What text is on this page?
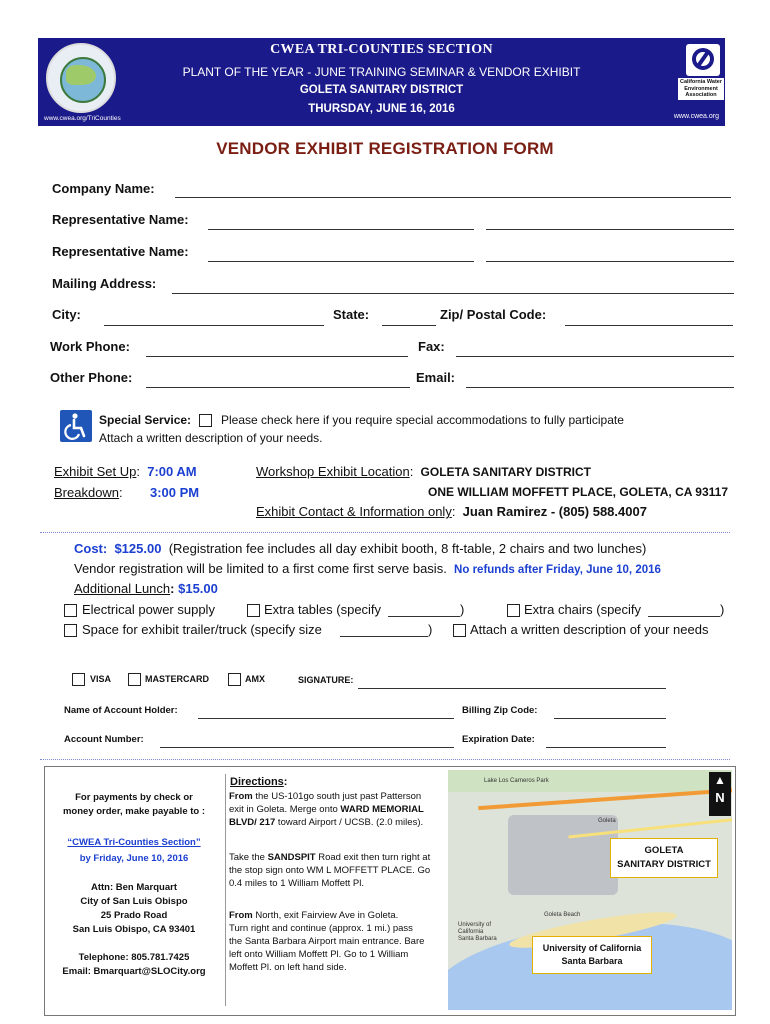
www.cwea.org/TriCounties
CWEA TRI-COUNTIES SECTION
PLANT OF THE YEAR - JUNE TRAINING SEMINAR & VENDOR EXHIBIT
GOLETA SANITARY DISTRICT
THURSDAY, JUNE 16, 2016
California Water Environment Association
www.cwea.org
VENDOR EXHIBIT REGISTRATION FORM
Company Name:
Representative Name:
Representative Name:
Mailing Address:
City:	State:	Zip/ Postal Code:
Work Phone:	Fax:
Other Phone:	Email:
Special Service: Please check here if you require special accommodations to fully participate
Attach a written description of your needs.
Exhibit Set Up:  7:00 AM
Breakdown: 3:00 PM
Workshop Exhibit Location:  GOLETA SANITARY DISTRICT
ONE WILLIAM MOFFETT PLACE, GOLETA, CA 93117
Exhibit Contact & Information only:  Juan Ramirez - (805) 588.4007
Cost: $125.00 (Registration fee includes all day exhibit booth, 8 ft-table, 2 chairs and two lunches)
Vendor registration will be limited to a first come first serve basis. No refunds after Friday, June 10, 2016
Additional Lunch: $15.00
Electrical power supply	Extra tables (specify	)	Extra chairs (specify	)
Space for exhibit trailer/truck (specify size	)	Attach a written description of your needs
VISA	MASTERCARD	AMX	SIGNATURE:
Name of Account Holder:	Billing Zip Code:
Account Number:	Expiration Date:
For payments by check or
money order, make payable to :
“CWEA Tri-Counties Section”
by Friday, June 10, 2016
Attn: Ben Marquart
City of San Luis Obispo
25 Prado Road
San Luis Obispo, CA 93401
Telephone: 805.781.7425
Email: Bmarquart@SLOCity.org
Directions:
From the US-101go south just past Patterson
exit in Goleta. Merge onto WARD MEMORIAL
BLVD/ 217 toward Airport / UCSB. (2.0 miles).
Take the SANDSPIT Road exit then turn right at
the stop sign onto WM L MOFFETT PLACE. Go
0.4 miles to 1 William Moffett Pl.
From North, exit Fairview Ave in Goleta.
Turn right and continue (approx. 1 mi.) pass
the Santa Barbara Airport main entrance. Bare
left onto William Moffett Pl. Go to 1 William
Moffett Pl. on left hand side.
Lake Los Carneros Park
Goleta
University of California Santa Barbara
Goleta Beach
▲
N
GOLETA
SANITARY DISTRICT
University of California
Santa Barbara
